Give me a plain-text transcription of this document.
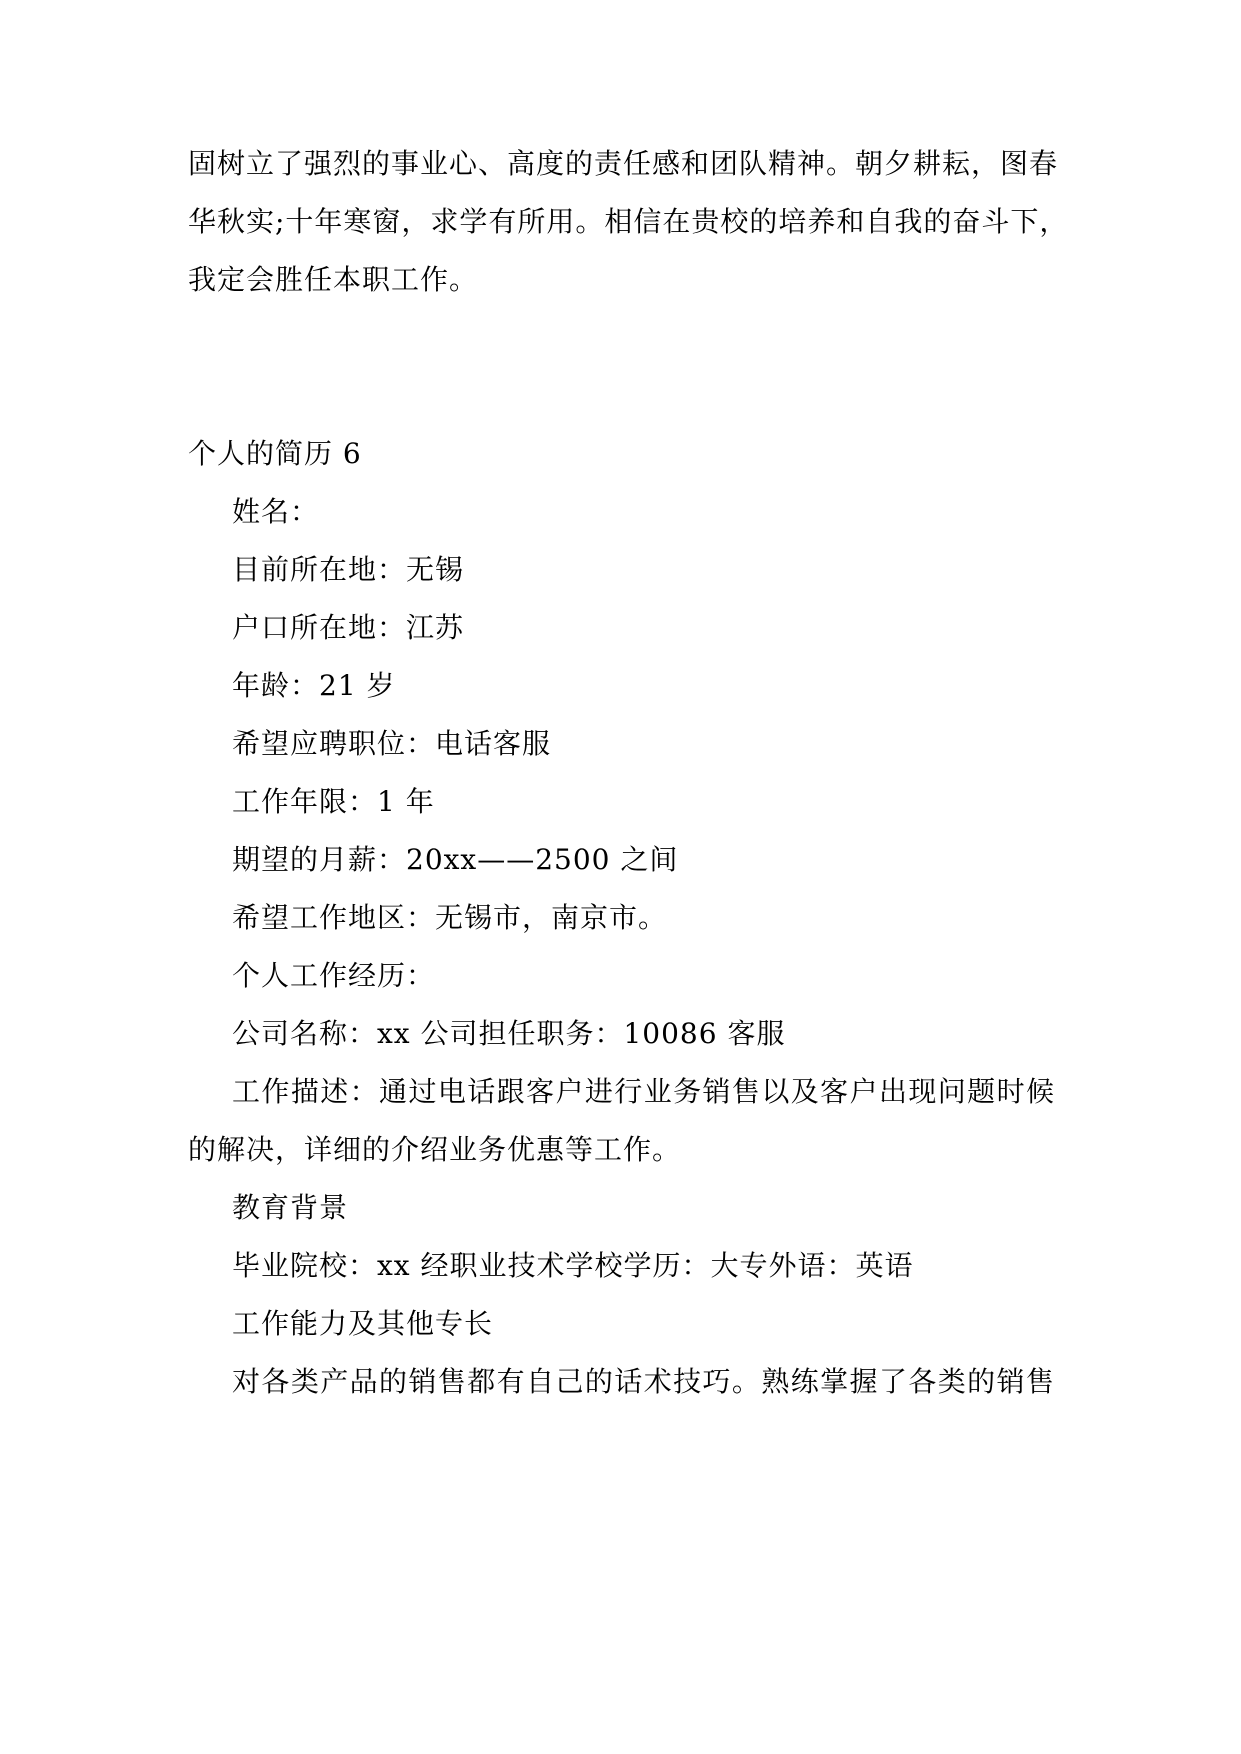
固树立了强烈的事业心、高度的责任感和团队精神。朝夕耕耘，图春
华秋实;十年寒窗，求学有所用。相信在贵校的培养和自我的奋斗下，
我定会胜任本职工作。
个人的简历 6
姓名：
目前所在地：无锡
户口所在地：江苏
年龄：21 岁
希望应聘职位：电话客服
工作年限：1 年
期望的月薪：20xx——2500 之间
希望工作地区：无锡市，南京市。
个人工作经历：
公司名称：xx 公司担任职务：10086 客服
工作描述：通过电话跟客户进行业务销售以及客户出现问题时候
的解决，详细的介绍业务优惠等工作。
教育背景
毕业院校：xx 经职业技术学校学历：大专外语：英语
工作能力及其他专长
对各类产品的销售都有自己的话术技巧。熟练掌握了各类的销售
